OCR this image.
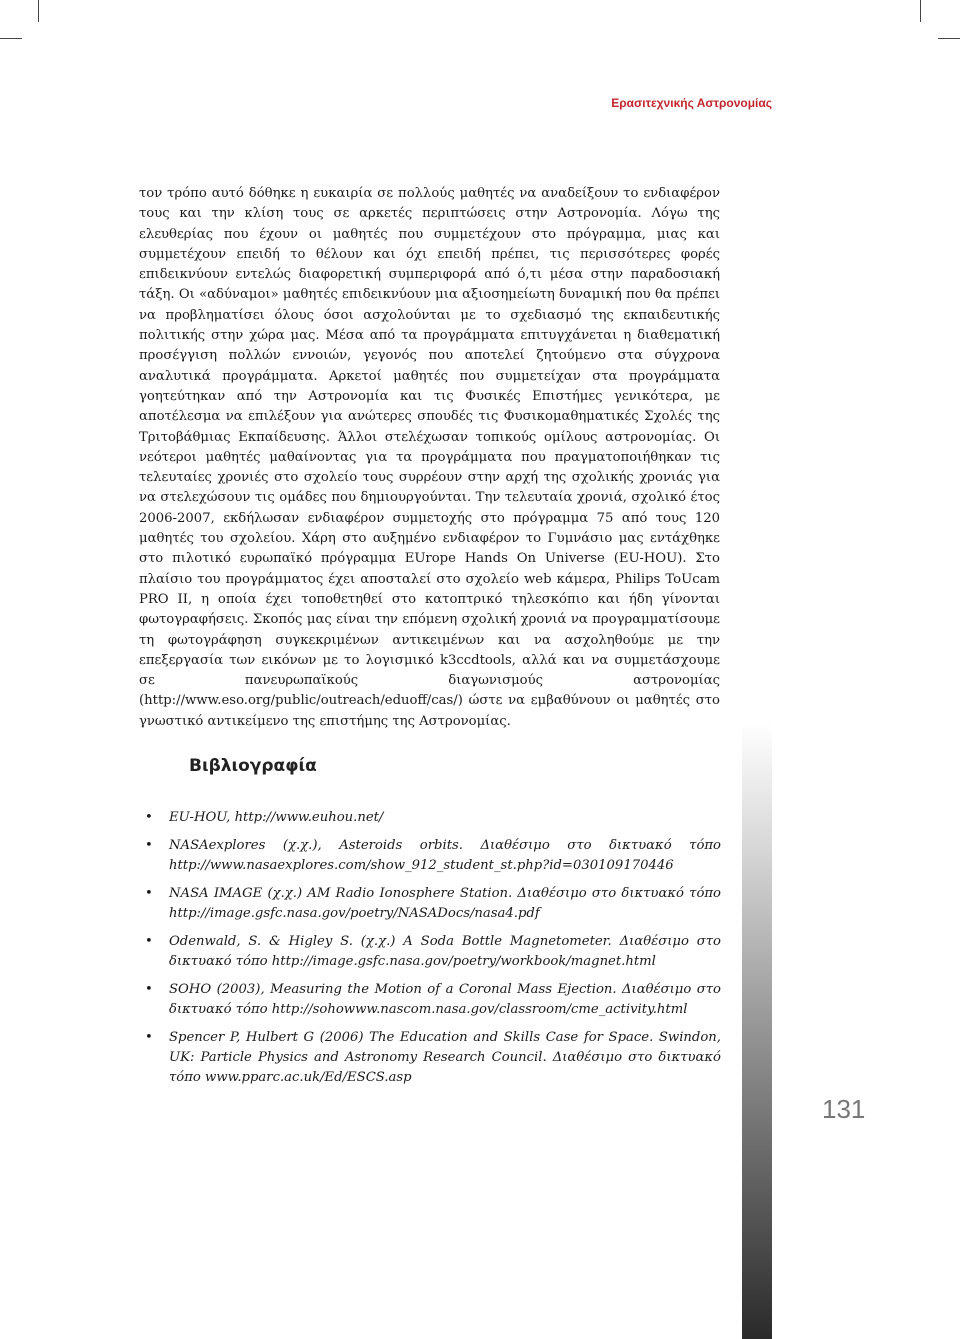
Ερασιτεχνικής Αστρονομίας

τον τρόπο αυτό δόθηκε η ευκαιρία σε πολλούς μαθητές να αναδείξουν το ενδιαφέρον τους και την κλίση τους σε αρκετές περιπτώσεις στην Αστρονομία. Λόγω της ελευθερίας που έχουν οι μαθητές που συμμετέχουν στο πρόγραμμα, μιας και συμμετέχουν επειδή το θέλουν και όχι επειδή πρέπει, τις περισσότερες φορές επιδεικνύουν εντελώς διαφορετική συμπεριφορά από ό,τι μέσα στην παραδοσιακή τάξη. Οι «αδύναμοι» μαθητές επιδεικνύουν μια αξιοσημείωτη δυναμική που θα πρέπει να προβληματίσει όλους όσοι ασχολούνται με το σχεδιασμό της εκπαιδευτικής πολιτικής στην χώρα μας. Μέσα από τα προγράμματα επιτυγχάνεται η διαθεματική προσέγγιση πολλών εννοιών, γεγονός που αποτελεί ζητούμενο στα σύγχρονα αναλυτικά προγράμματα. Αρκετοί μαθητές που συμμετείχαν στα προγράμματα γοητεύτηκαν από την Αστρονομία και τις Φυσικές Επιστήμες γενικότερα, με αποτέλεσμα να επιλέξουν για ανώτερες σπουδές τις Φυσικομαθηματικές Σχολές της Τριτοβάθμιας Εκπαίδευσης. Άλλοι στελέχωσαν τοπικούς ομίλους αστρονομίας. Οι νεότεροι μαθητές μαθαίνοντας για τα προγράμματα που πραγματοποιήθηκαν τις τελευταίες χρονιές στο σχολείο τους συρρέουν στην αρχή της σχολικής χρονιάς για να στελεχώσουν τις ομάδες που δημιουργούνται. Την τελευταία χρονιά, σχολικό έτος 2006-2007, εκδήλωσαν ενδιαφέρον συμμετοχής στο πρόγραμμα 75 από τους 120 μαθητές του σχολείου. Χάρη στο αυξημένο ενδιαφέρον το Γυμνάσιο μας εντάχθηκε στο πιλοτικό ευρωπαϊκό πρόγραμμα EUrope Hands On Universe (EU-HOU). Στο πλαίσιο του προγράμματος έχει αποσταλεί στο σχολείο web κάμερα, Philips ToUcam PRO II, η οποία έχει τοποθετηθεί στο κατοπτρικό τηλεσκόπιο και ήδη γίνονται φωτογραφήσεις. Σκοπός μας είναι την επόμενη σχολική χρονιά να προγραμματίσουμε τη φωτογράφηση συγκεκριμένων αντικειμένων και να ασχοληθούμε με την επεξεργασία των εικόνων με το λογισμικό k3ccdtools, αλλά και να συμμετάσχουμε σε πανευρωπαϊκούς διαγωνισμούς αστρονομίας (http://www.eso.org/public/outreach/eduoff/cas/) ώστε να εμβαθύνουν οι μαθητές στο γνωστικό αντικείμενο της επιστήμης της Αστρονομίας.

Βιβλιογραφία
• EU-HOU, http://www.euhou.net/
• NASAexplores (χ.χ.), Asteroids orbits. Διαθέσιμο στο δικτυακό τόπο http://www.nasaexplores.com/show_912_student_st.php?id=030109170446
• NASA IMAGE (χ.χ.) AM Radio Ionosphere Station. Διαθέσιμο στο δικτυακό τόπο http://image.gsfc.nasa.gov/poetry/NASADocs/nasa4.pdf
• Odenwald, S. & Higley S. (χ.χ.) A Soda Bottle Magnetometer. Διαθέσιμο στο δικτυακό τόπο http://image.gsfc.nasa.gov/poetry/workbook/magnet.html
• SOHO (2003), Measuring the Motion of a Coronal Mass Ejection. Διαθέσιμο στο δικτυακό τόπο http://sohowww.nascom.nasa.gov/classroom/cme_activity.html
• Spencer P, Hulbert G (2006) The Education and Skills Case for Space. Swindon, UK: Particle Physics and Astronomy Research Council. Διαθέσιμο στο δικτυακό τόπο www.pparc.ac.uk/Ed/ESCS.asp
131
